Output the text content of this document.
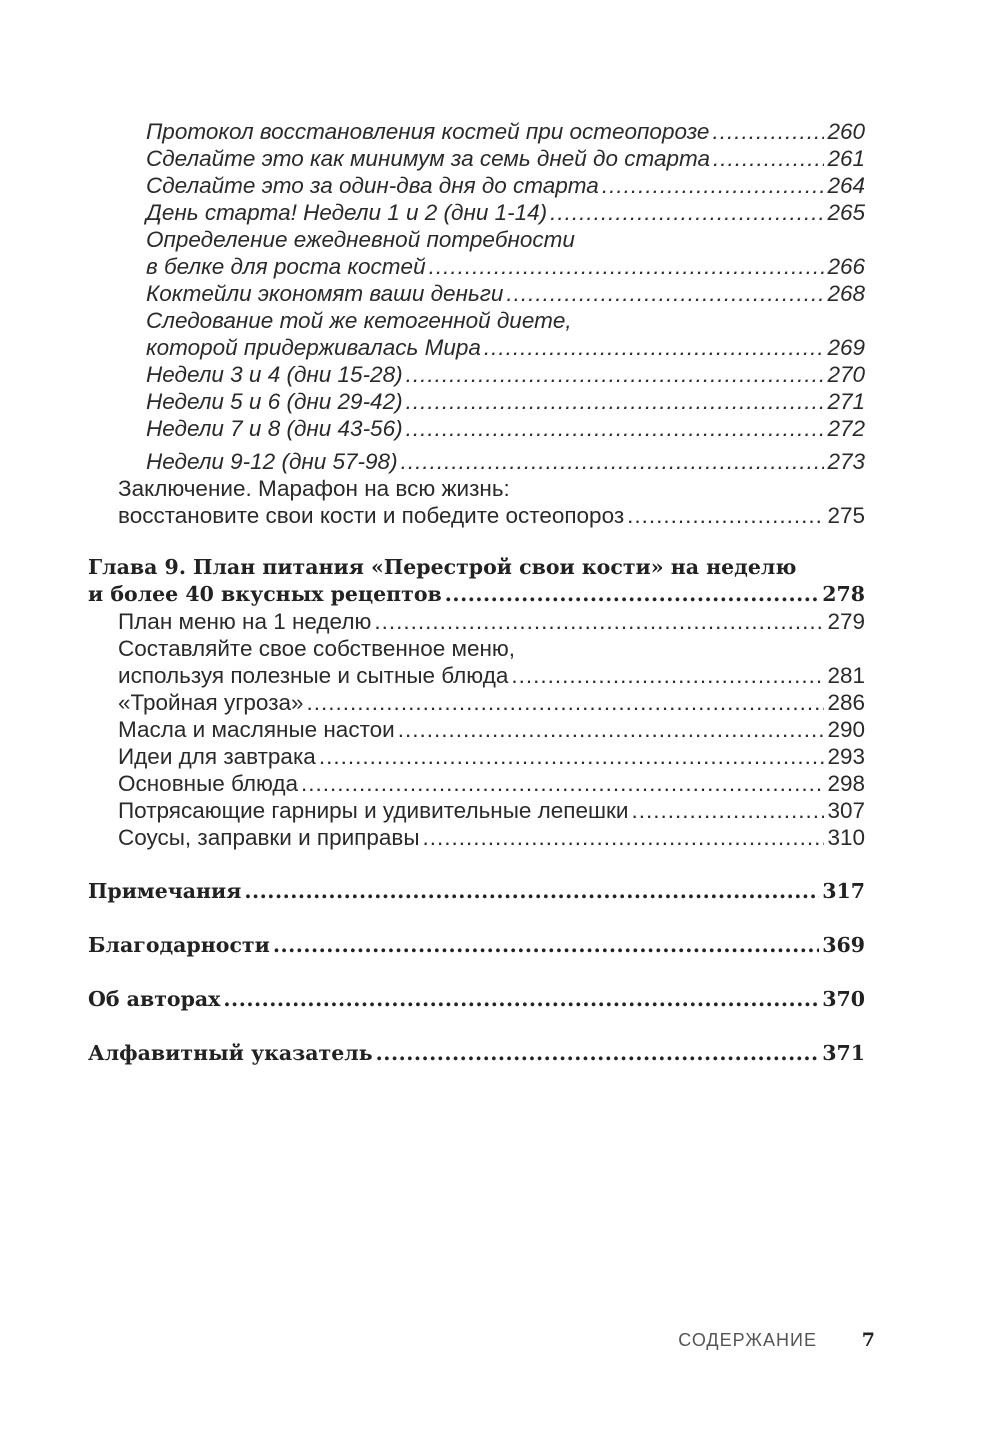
Протокол восстановления костей при остеопорозе .....	260
Сделайте это как минимум за семь дней до старта .....	261
Сделайте это за один-два дня до старта .....	264
День старта! Недели 1 и 2 (дни 1-14) .....	265
Определение ежедневной потребности
в белке для роста костей .....	266
Коктейли экономят ваши деньги .....	268
Следование той же кетогенной диете,
которой придерживалась Мира .....	269
Недели 3 и 4 (дни 15-28) .....	270
Недели 5 и 6 (дни 29-42) .....	271
Недели 7 и 8 (дни 43-56) .....	272
Недели 9-12 (дни 57-98) .....	273
Заключение. Марафон на всю жизнь:
восстановите свои кости и победите остеопороз .....	275
Глава 9. План питания «Перестрой свои кости» на неделю
и более 40 вкусных рецептов .....	278
План меню на 1 неделю .....	279
Составляйте свое собственное меню,
используя полезные и сытные блюда .....	281
«Тройная угроза» .....	286
Масла и масляные настои .....	290
Идеи для завтрака .....	293
Основные блюда .....	298
Потрясающие гарниры и удивительные лепешки .....	307
Соусы, заправки и приправы .....	310
Примечания .....	317
Благодарности .....	369
Об авторах .....	370
Алфавитный указатель .....	371
СОДЕРЖАНИЕ 7
